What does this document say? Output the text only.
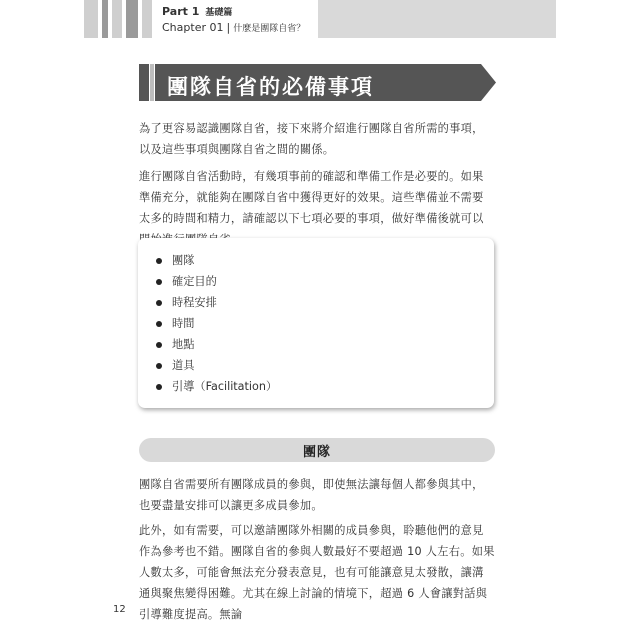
Part 1 基礎篇
Chapter 01 | 什麼是團隊自省？
團隊自省的必備事項
為了更容易認識團隊自省，接下來將介紹進行團隊自省所需的事項，以及這些事項與團隊自省之間的關係。
進行團隊自省活動時，有幾項事前的確認和準備工作是必要的。如果準備充分，就能夠在團隊自省中獲得更好的效果。這些準備並不需要太多的時間和精力，請確認以下七項必要的事項，做好準備後就可以
團隊
確定目的
時程安排
時間
地點
道具
引導（Facilitation）
團隊
團隊自省需要所有團隊成員的參與，即使無法讓每個人都參與其中，也要盡量安排可以讓更多成員參加。
此外，如有需要，可以邀請團隊外相關的成員參與，聆聽他們的意見作為參考也不錯。團隊自省的參與人數最好不要超過 10 人左右。如果人數太多，可能會無法充分發表意見，也有可能讓意見太發散，讓溝通與聚焦變得困難。尤其在線上討論的情境下，超過 6 人會讓對話與引導難度提高。無論
12
